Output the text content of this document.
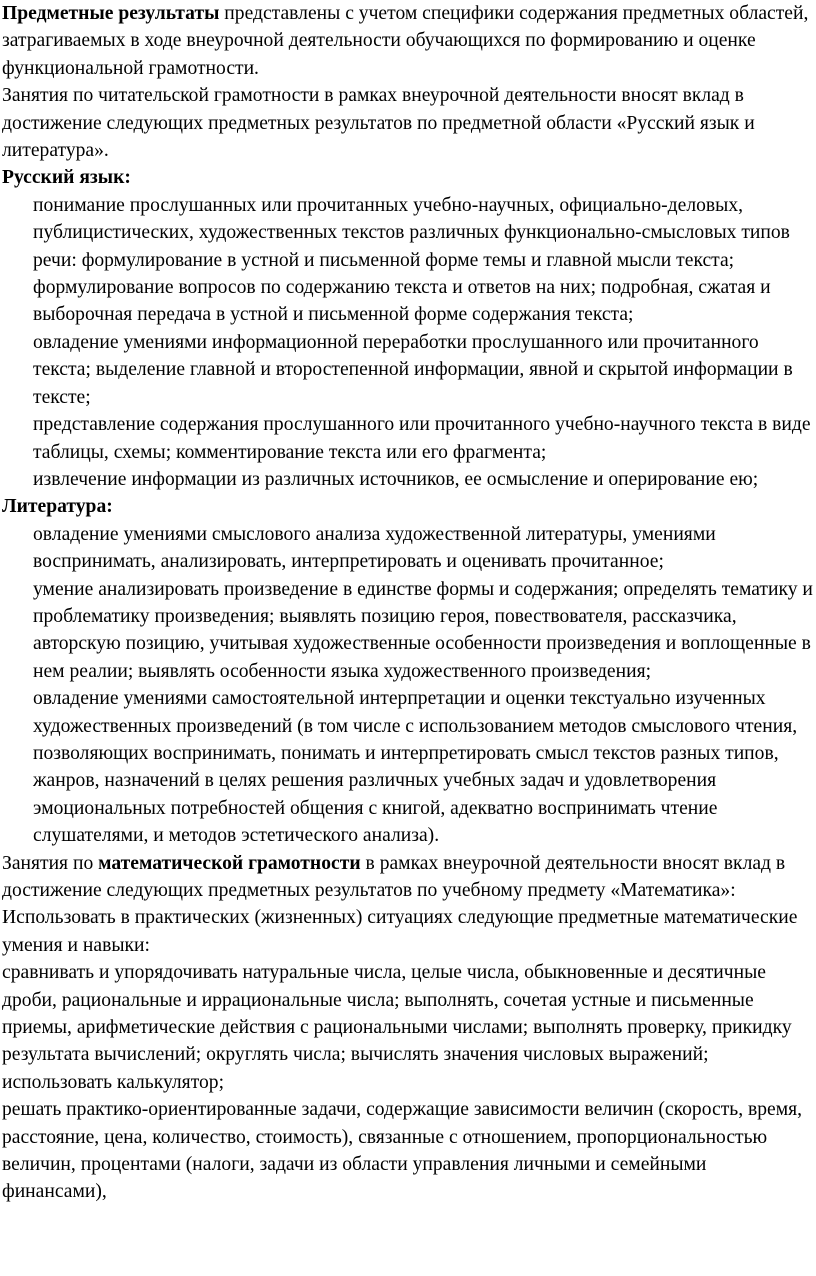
Предметные результаты представлены с учетом специфики содержания предметных областей, затрагиваемых в ходе внеурочной деятельности обучающихся по формированию и оценке функциональной грамотности.

Занятия по читательской грамотности в рамках внеурочной деятельности вносят вклад в достижение следующих предметных результатов по предметной области «Русский язык и литература».

Русский язык:

понимание прослушанных или прочитанных учебно-научных, официально-деловых, публицистических, художественных текстов различных функционально-смысловых типов речи: формулирование в устной и письменной форме темы и главной мысли текста; формулирование вопросов по содержанию текста и ответов на них; подробная, сжатая и выборочная передача в устной и письменной форме содержания текста;

овладение умениями информационной переработки прослушанного или прочитанного текста; выделение главной и второстепенной информации, явной и скрытой информации в тексте;

представление содержания прослушанного или прочитанного учебно-научного текста в виде таблицы, схемы; комментирование текста или его фрагмента;

извлечение информации из различных источников, ее осмысление и оперирование ею;

Литература:

овладение умениями смыслового анализа художественной литературы, умениями воспринимать, анализировать, интерпретировать и оценивать прочитанное;

умение анализировать произведение в единстве формы и содержания; определять тематику и проблематику произведения; выявлять позицию героя, повествователя, рассказчика, авторскую позицию, учитывая художественные особенности произведения и воплощенные в нем реалии; выявлять особенности языка художественного произведения;

овладение умениями самостоятельной интерпретации и оценки текстуально изученных художественных произведений (в том числе с использованием методов смыслового чтения, позволяющих воспринимать, понимать и интерпретировать смысл текстов разных типов, жанров, назначений в целях решения различных учебных задач и удовлетворения эмоциональных потребностей общения с книгой, адекватно воспринимать чтение слушателями, и методов эстетического анализа).

Занятия по математической грамотности в рамках внеурочной деятельности вносят вклад в достижение следующих предметных результатов по учебному предмету «Математика»:

Использовать в практических (жизненных) ситуациях следующие предметные математические умения и навыки:

сравнивать и упорядочивать натуральные числа, целые числа, обыкновенные и десятичные дроби, рациональные и иррациональные числа; выполнять, сочетая устные и письменные приемы, арифметические действия с рациональными числами; выполнять проверку, прикидку результата вычислений; округлять числа; вычислять значения числовых выражений; использовать калькулятор;

решать практико-ориентированные задачи, содержащие зависимости величин (скорость, время, расстояние, цена, количество, стоимость), связанные с отношением, пропорциональностью величин, процентами (налоги, задачи из области управления личными и семейными финансами),
